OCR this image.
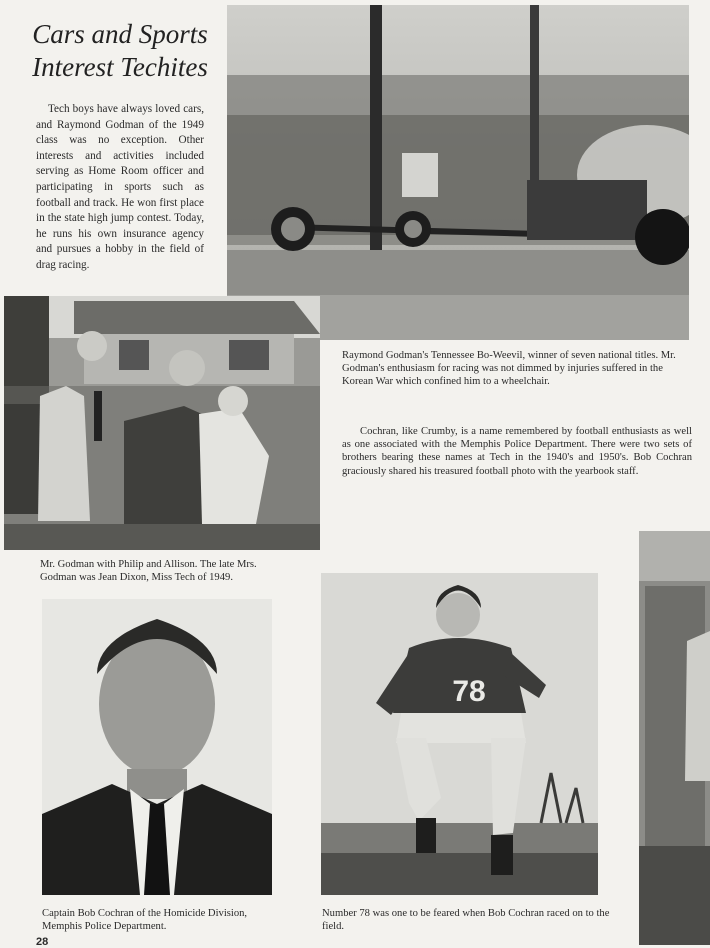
Cars and Sports
Interest Techites
Tech boys have always loved cars, and Raymond Godman of the 1949 class was no exception. Other interests and activities included serving as Home Room officer and participating in sports such as football and track. He won first place in the state high jump contest. Today, he runs his own insurance agency and pursues a hobby in the field of drag racing.
Raymond Godman's Tennessee Bo-Weevil, winner of seven national titles. Mr. Godman's enthusiasm for racing was not dimmed by injuries suffered in the Korean War which confined him to a wheelchair.
Cochran, like Crumby, is a name remembered by football enthusiasts as well as one associated with the Memphis Police Department. There were two sets of brothers bearing these names at Tech in the 1940's and 1950's. Bob Cochran graciously shared his treasured football photo with the yearbook staff.
Mr. Godman with Philip and Allison. The late Mrs. Godman was Jean Dixon, Miss Tech of 1949.
78
Captain Bob Cochran of the Homicide Division, Memphis Police Department.
Number 78 was one to be feared when Bob Cochran raced on to the field.
28
